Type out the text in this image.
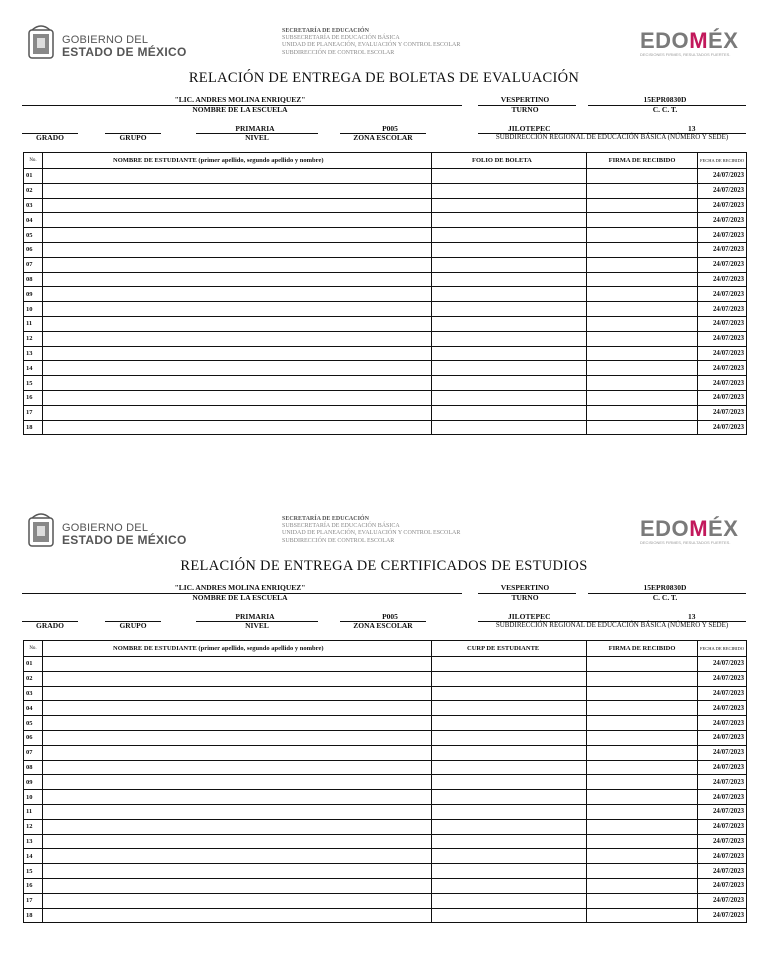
GOBIERNO DEL
ESTADO DE MÉXICO
SECRETARÍA DE EDUCACIÓN
SUBSECRETARÍA DE EDUCACIÓN BÁSICA
UNIDAD DE PLANEACIÓN, EVALUACIÓN Y CONTROL ESCOLAR
SUBDIRECCIÓN DE CONTROL ESCOLAR	EDOMÉX
DECISIONES FIRMES, RESULTADOS FUERTES.
RELACIÓN DE ENTREGA DE BOLETAS DE EVALUACIÓN
"LIC. ANDRES MOLINA ENRIQUEZ"
NOMBRE DE LA ESCUELA
VESPERTINO
TURNO
15EPR0830D
C. C. T.
PRIMARIA	P005	JILOTEPEC	13
GRADO	GRUPO	NIVEL	ZONA ESCOLAR	SUBDIRECCIÓN REGIONAL DE EDUCACIÓN BÁSICA (NÚMERO Y SEDE)
No.	NOMBRE DE ESTUDIANTE (primer apellido, segundo apellido y nombre)	FOLIO DE BOLETA	FIRMA DE RECIBIDO	FECHA DE RECIBIDO
01				24/07/2023
02				24/07/2023
03				24/07/2023
04				24/07/2023
05				24/07/2023
06				24/07/2023
07				24/07/2023
08				24/07/2023
09				24/07/2023
10				24/07/2023
11				24/07/2023
12				24/07/2023
13				24/07/2023
14				24/07/2023
15				24/07/2023
16				24/07/2023
17				24/07/2023
18				24/07/2023
GOBIERNO DEL
ESTADO DE MÉXICO
SECRETARÍA DE EDUCACIÓN
SUBSECRETARÍA DE EDUCACIÓN BÁSICA
UNIDAD DE PLANEACIÓN, EVALUACIÓN Y CONTROL ESCOLAR
SUBDIRECCIÓN DE CONTROL ESCOLAR	EDOMÉX
DECISIONES FIRMES, RESULTADOS FUERTES.
RELACIÓN DE ENTREGA DE CERTIFICADOS DE ESTUDIOS
"LIC. ANDRES MOLINA ENRIQUEZ"
NOMBRE DE LA ESCUELA
VESPERTINO
TURNO
15EPR0830D
C. C. T.
PRIMARIA	P005	JILOTEPEC	13
GRADO	GRUPO	NIVEL	ZONA ESCOLAR	SUBDIRECCIÓN REGIONAL DE EDUCACIÓN BÁSICA (NÚMERO Y SEDE)
No.	NOMBRE DE ESTUDIANTE (primer apellido, segundo apellido y nombre)	CURP DE ESTUDIANTE	FIRMA DE RECIBIDO	FECHA DE RECIBIDO
01				24/07/2023
02				24/07/2023
03				24/07/2023
04				24/07/2023
05				24/07/2023
06				24/07/2023
07				24/07/2023
08				24/07/2023
09				24/07/2023
10				24/07/2023
11				24/07/2023
12				24/07/2023
13				24/07/2023
14				24/07/2023
15				24/07/2023
16				24/07/2023
17				24/07/2023
18				24/07/2023
